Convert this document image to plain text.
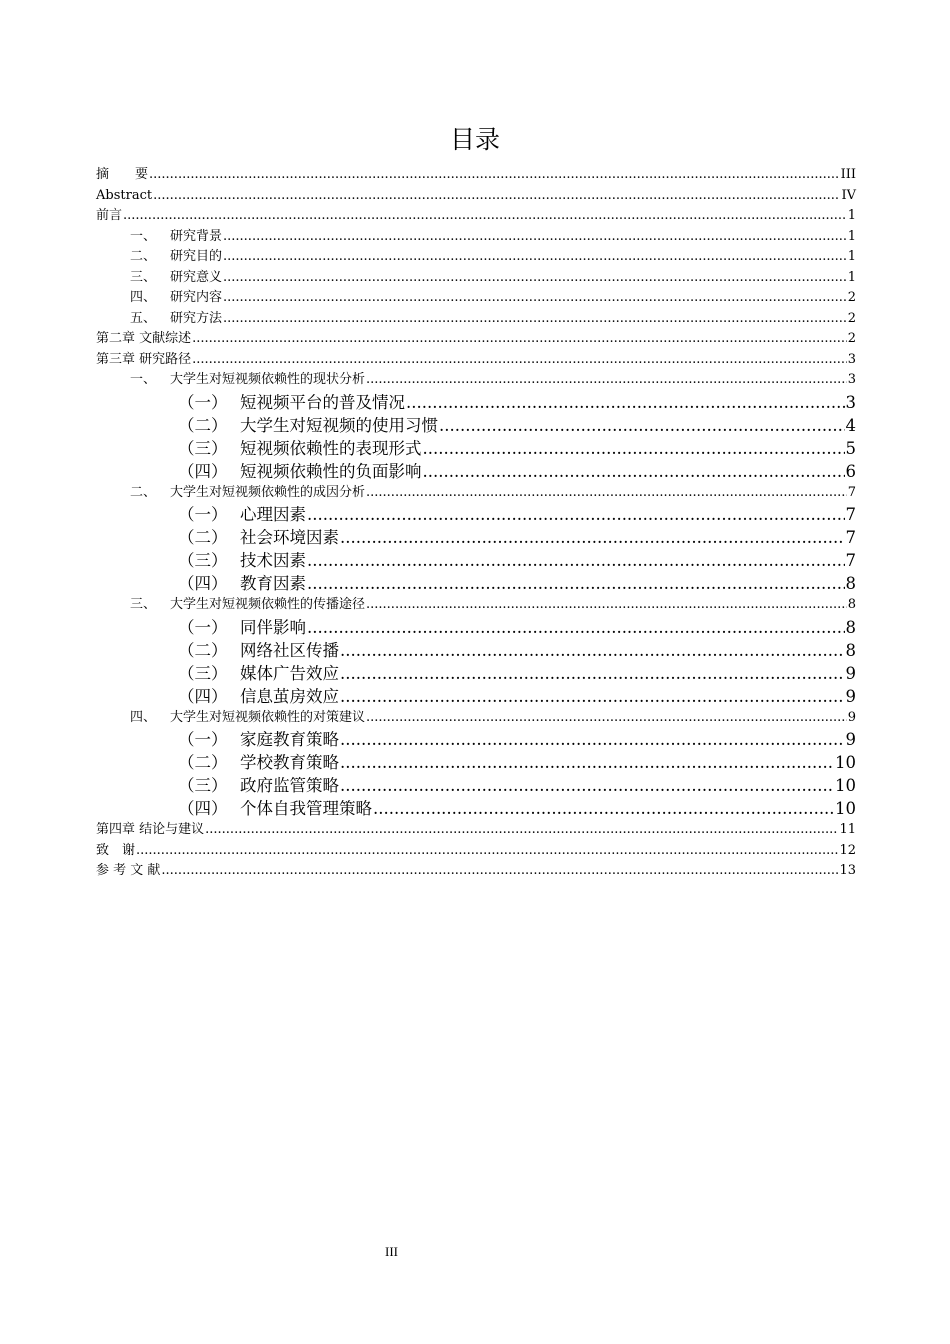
目录
摘　　要 .....	III
Abstract .....	IV
前言 .....	1
一、 研究背景 .....	1
二、 研究目的 .....	1
三、 研究意义 .....	1
四、 研究内容 .....	2
五、 研究方法 .....	2
第二章 文献综述 .....	2
第三章 研究路径 .....	3
一、 大学生对短视频依赖性的现状分析 .....	3
（一） 短视频平台的普及情况 .....	3
（二） 大学生对短视频的使用习惯 .....	4
（三） 短视频依赖性的表现形式 .....	5
（四） 短视频依赖性的负面影响 .....	6
二、 大学生对短视频依赖性的成因分析 .....	7
（一） 心理因素 .....	7
（二） 社会环境因素 .....	7
（三） 技术因素 .....	7
（四） 教育因素 .....	8
三、 大学生对短视频依赖性的传播途径 .....	8
（一） 同伴影响 .....	8
（二） 网络社区传播 .....	8
（三） 媒体广告效应 .....	9
（四） 信息茧房效应 .....	9
四、 大学生对短视频依赖性的对策建议 .....	9
（一） 家庭教育策略 .....	9
（二） 学校教育策略 .....	10
（三） 政府监管策略 .....	10
（四） 个体自我管理策略 .....	10
第四章 结论与建议 .....	11
致　谢 .....	12
参 考 文 献 .....	13
III
